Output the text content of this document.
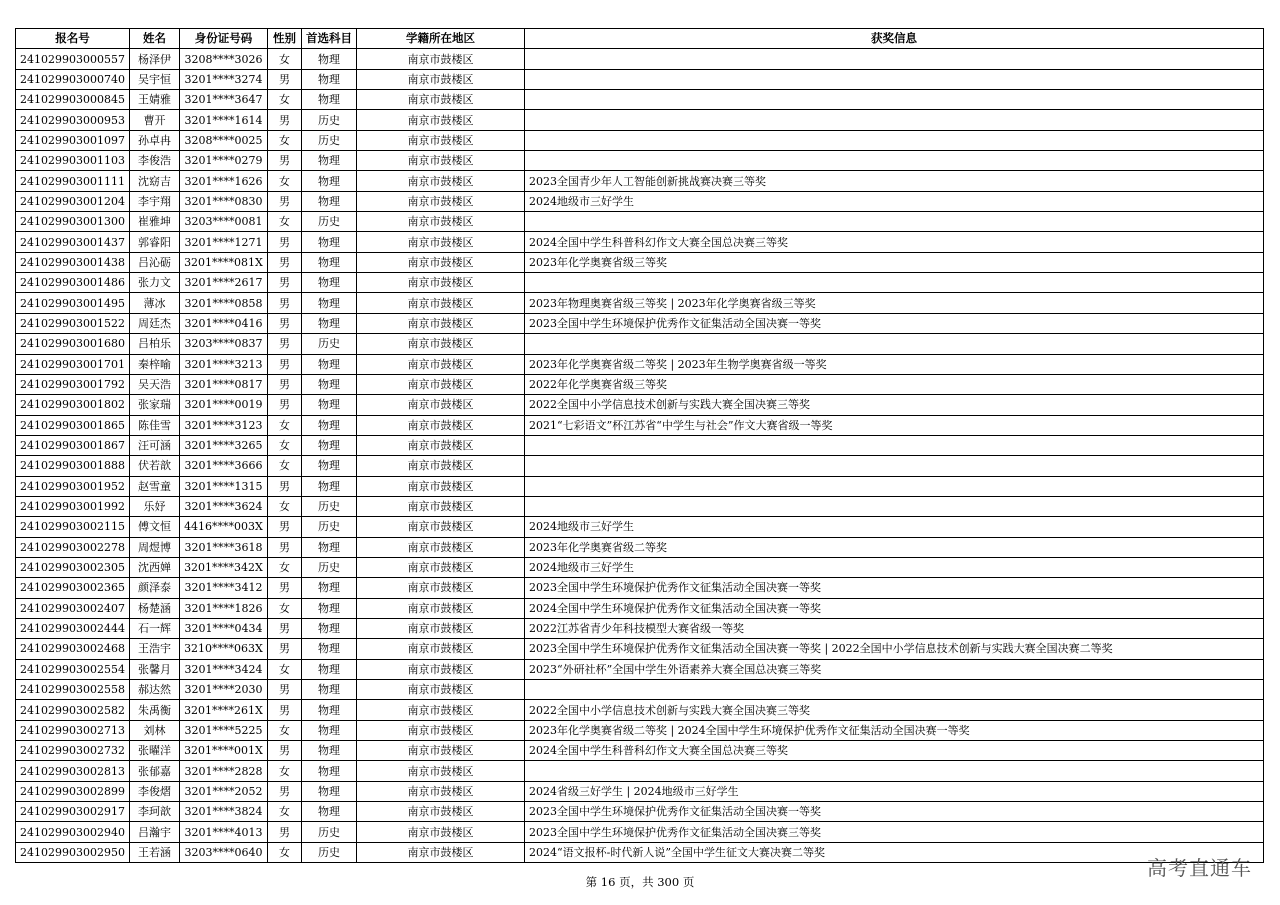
报名号	姓名	身份证号码	性别	首选科目	学籍所在地区	获奖信息
241029903000557	杨泽伊	3208****3026	女	物理	南京市鼓楼区	
241029903000740	吴宇恒	3201****3274	男	物理	南京市鼓楼区	
241029903000845	王婧雅	3201****3647	女	物理	南京市鼓楼区	
241029903000953	曹开	3201****1614	男	历史	南京市鼓楼区	
241029903001097	孙卓冉	3208****0025	女	历史	南京市鼓楼区	
241029903001103	李俊浩	3201****0279	男	物理	南京市鼓楼区	
241029903001111	沈窈吉	3201****1626	女	物理	南京市鼓楼区	2023全国青少年人工智能创新挑战赛决赛三等奖
241029903001204	李宇翔	3201****0830	男	物理	南京市鼓楼区	2024地级市三好学生
241029903001300	崔雅坤	3203****0081	女	历史	南京市鼓楼区	
241029903001437	郭睿阳	3201****1271	男	物理	南京市鼓楼区	2024全国中学生科普科幻作文大赛全国总决赛三等奖
241029903001438	吕沁砺	3201****081X	男	物理	南京市鼓楼区	2023年化学奥赛省级三等奖
241029903001486	张力文	3201****2617	男	物理	南京市鼓楼区	
241029903001495	薄冰	3201****0858	男	物理	南京市鼓楼区	2023年物理奥赛省级三等奖 | 2023年化学奥赛省级三等奖
241029903001522	周廷杰	3201****0416	男	物理	南京市鼓楼区	2023全国中学生环境保护优秀作文征集活动全国决赛一等奖
241029903001680	吕柏乐	3203****0837	男	历史	南京市鼓楼区	
241029903001701	秦梓喻	3201****3213	男	物理	南京市鼓楼区	2023年化学奥赛省级二等奖 | 2023年生物学奥赛省级一等奖
241029903001792	吴天浩	3201****0817	男	物理	南京市鼓楼区	2022年化学奥赛省级三等奖
241029903001802	张家瑞	3201****0019	男	物理	南京市鼓楼区	2022全国中小学信息技术创新与实践大赛全国决赛三等奖
241029903001865	陈佳雪	3201****3123	女	物理	南京市鼓楼区	2021“七彩语文”杯江苏省“中学生与社会”作文大赛省级一等奖
241029903001867	汪可涵	3201****3265	女	物理	南京市鼓楼区	
241029903001888	伏若歆	3201****3666	女	物理	南京市鼓楼区	
241029903001952	赵雪童	3201****1315	男	物理	南京市鼓楼区	
241029903001992	乐妤	3201****3624	女	历史	南京市鼓楼区	
241029903002115	傅文恒	4416****003X	男	历史	南京市鼓楼区	2024地级市三好学生
241029903002278	周煜博	3201****3618	男	物理	南京市鼓楼区	2023年化学奥赛省级二等奖
241029903002305	沈西婵	3201****342X	女	历史	南京市鼓楼区	2024地级市三好学生
241029903002365	颜泽泰	3201****3412	男	物理	南京市鼓楼区	2023全国中学生环境保护优秀作文征集活动全国决赛一等奖
241029903002407	杨楚涵	3201****1826	女	物理	南京市鼓楼区	2024全国中学生环境保护优秀作文征集活动全国决赛一等奖
241029903002444	石一辉	3201****0434	男	物理	南京市鼓楼区	2022江苏省青少年科技模型大赛省级一等奖
241029903002468	王浩宇	3210****063X	男	物理	南京市鼓楼区	2023全国中学生环境保护优秀作文征集活动全国决赛一等奖 | 2022全国中小学信息技术创新与实践大赛全国决赛二等奖
241029903002554	张馨月	3201****3424	女	物理	南京市鼓楼区	2023“外研社杯”全国中学生外语素养大赛全国总决赛三等奖
241029903002558	郝达然	3201****2030	男	物理	南京市鼓楼区	
241029903002582	朱禹衡	3201****261X	男	物理	南京市鼓楼区	2022全国中小学信息技术创新与实践大赛全国决赛三等奖
241029903002713	刘林	3201****5225	女	物理	南京市鼓楼区	2023年化学奥赛省级二等奖 | 2024全国中学生环境保护优秀作文征集活动全国决赛一等奖
241029903002732	张曜洋	3201****001X	男	物理	南京市鼓楼区	2024全国中学生科普科幻作文大赛全国总决赛三等奖
241029903002813	张郁嘉	3201****2828	女	物理	南京市鼓楼区	
241029903002899	李俊熠	3201****2052	男	物理	南京市鼓楼区	2024省级三好学生 | 2024地级市三好学生
241029903002917	李珂歆	3201****3824	女	物理	南京市鼓楼区	2023全国中学生环境保护优秀作文征集活动全国决赛一等奖
241029903002940	吕瀚宇	3201****4013	男	历史	南京市鼓楼区	2023全国中学生环境保护优秀作文征集活动全国决赛三等奖
241029903002950	王若涵	3203****0640	女	历史	南京市鼓楼区	2024“语文报杯-时代新人说”全国中学生征文大赛决赛二等奖
第 16 页，共 300 页
高考直通车
